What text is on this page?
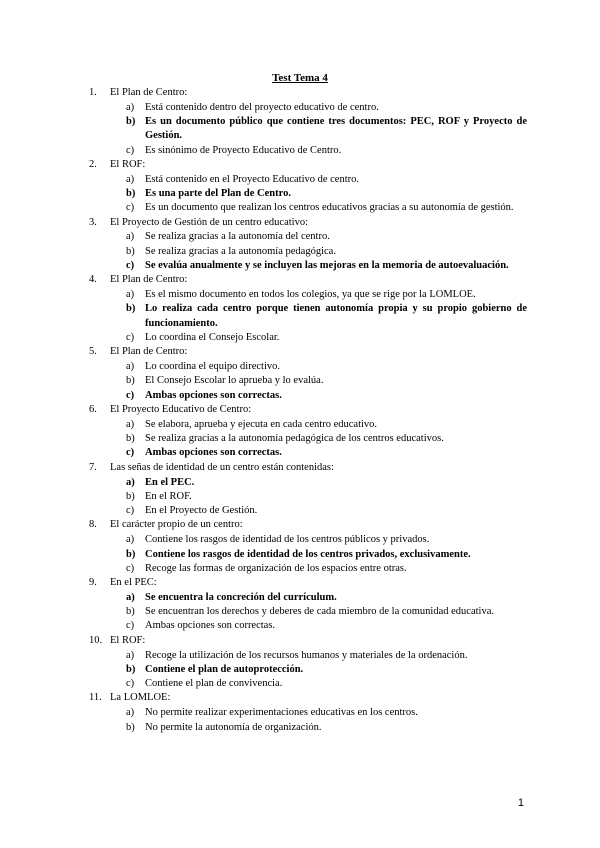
Test Tema 4
1. El Plan de Centro:
a) Está contenido dentro del proyecto educativo de centro.
b) Es un documento público que contiene tres documentos: PEC, ROF y Proyecto de Gestión.
c) Es sinónimo de Proyecto Educativo de Centro.
2. El ROF:
a) Está contenido en el Proyecto Educativo de centro.
b) Es una parte del Plan de Centro.
c) Es un documento que realizan los centros educativos gracias a su autonomía de gestión.
3. El Proyecto de Gestión de un centro educativo:
a) Se realiza gracias a la autonomía del centro.
b) Se realiza gracias a la autonomía pedagógica.
c) Se evalúa anualmente y se incluyen las mejoras en la memoria de autoevaluación.
4. El Plan de Centro:
a) Es el mismo documento en todos los colegios, ya que se rige por la LOMLOE.
b) Lo realiza cada centro porque tienen autonomía propia y su propio gobierno de funcionamiento.
c) Lo coordina el Consejo Escolar.
5. El Plan de Centro:
a) Lo coordina el equipo directivo.
b) El Consejo Escolar lo aprueba y lo evalúa.
c) Ambas opciones son correctas.
6. El Proyecto Educativo de Centro:
a) Se elabora, aprueba y ejecuta en cada centro educativo.
b) Se realiza gracias a la autonomía pedagógica de los centros educativos.
c) Ambas opciones son correctas.
7. Las señas de identidad de un centro están contenidas:
a) En el PEC.
b) En el ROF.
c) En el Proyecto de Gestión.
8. El carácter propio de un centro:
a) Contiene los rasgos de identidad de los centros públicos y privados.
b) Contiene los rasgos de identidad de los centros privados, exclusivamente.
c) Recoge las formas de organización de los espacios entre otras.
9. En el PEC:
a) Se encuentra la concreción del currículum.
b) Se encuentran los derechos y deberes de cada miembro de la comunidad educativa.
c) Ambas opciones son correctas.
10. El ROF:
a) Recoge la utilización de los recursos humanos y materiales de la ordenación.
b) Contiene el plan de autoprotección.
c) Contiene el plan de convivencia.
11. La LOMLOE:
a) No permite realizar experimentaciones educativas en los centros.
b) No permite la autonomía de organización.
1
